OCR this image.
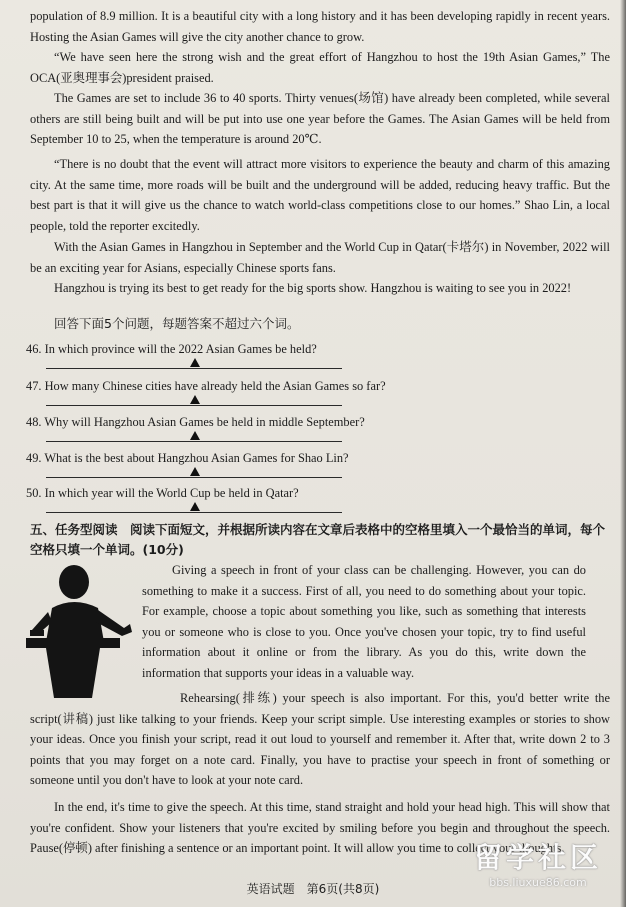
population of 8.9 million. It is a beautiful city with a long history and it has been developing rapidly in recent years. Hosting the Asian Games will give the city another chance to grow.

“We have seen here the strong wish and the great effort of Hangzhou to host the 19th Asian Games,” The OCA(亚奥理事会)president praised.

The Games are set to include 36 to 40 sports. Thirty venues(场馆) have already been completed, while several others are still being built and will be put into use one year before the Games. The Asian Games will be held from September 10 to 25, when the temperature is around 20℃.

“There is no doubt that the event will attract more visitors to experience the beauty and charm of this amazing city. At the same time, more roads will be built and the underground will be added, reducing heavy traffic. But the best part is that it will give us the chance to watch world-class competitions close to our homes.” Shao Lin, a local people, told the reporter excitedly.

With the Asian Games in Hangzhou in September and the World Cup in Qatar(卡塔尔) in November, 2022 will be an exciting year for Asians, especially Chinese sports fans.

Hangzhou is trying its best to get ready for the big sports show. Hangzhou is waiting to see you in 2022!

回答下面5个问题，每题答案不超过六个词。
46. In which province will the 2022 Asian Games be held?
47. How many Chinese cities have already held the Asian Games so far?
48. Why will Hangzhou Asian Games be held in middle September?
49. What is the best about Hangzhou Asian Games for Shao Lin?
50. In which year will the World Cup be held in Qatar?
五、任务型阅读　阅读下面短文，并根据所读内容在文章后表格中的空格里填入一个最恰当的单词，每个空格只填一个单词。(10分)

Giving a speech in front of your class can be challenging. However, you can do something to make it a success. First of all, you need to do something about your topic. For example, choose a topic about something you like, such as something that interests you or someone who is close to you. Once you've chosen your topic, try to find useful information about it online or from the library. As you do this, write down the information that supports your ideas in a valuable way.

Rehearsing(排练) your speech is also important. For this, you'd better write the script(讲稿) just like talking to your friends. Keep your script simple. Use interesting examples or stories to show your ideas. Once you finish your script, read it out loud to yourself and remember it. After that, write down 2 to 3 points that you may forget on a note card. Finally, you have to practise your speech in front of something or someone until you don't have to look at your note card.

In the end, it's time to give the speech. At this time, stand straight and hold your head high. This will show that you're confident. Show your listeners that you're excited by smiling before you begin and throughout the speech. Pause(停顿) after finishing a sentence or an important point. It will allow you time to collect your thoughts.

英语试题　第6页(共8页)
留学社区
bbs.liuxue86.com
